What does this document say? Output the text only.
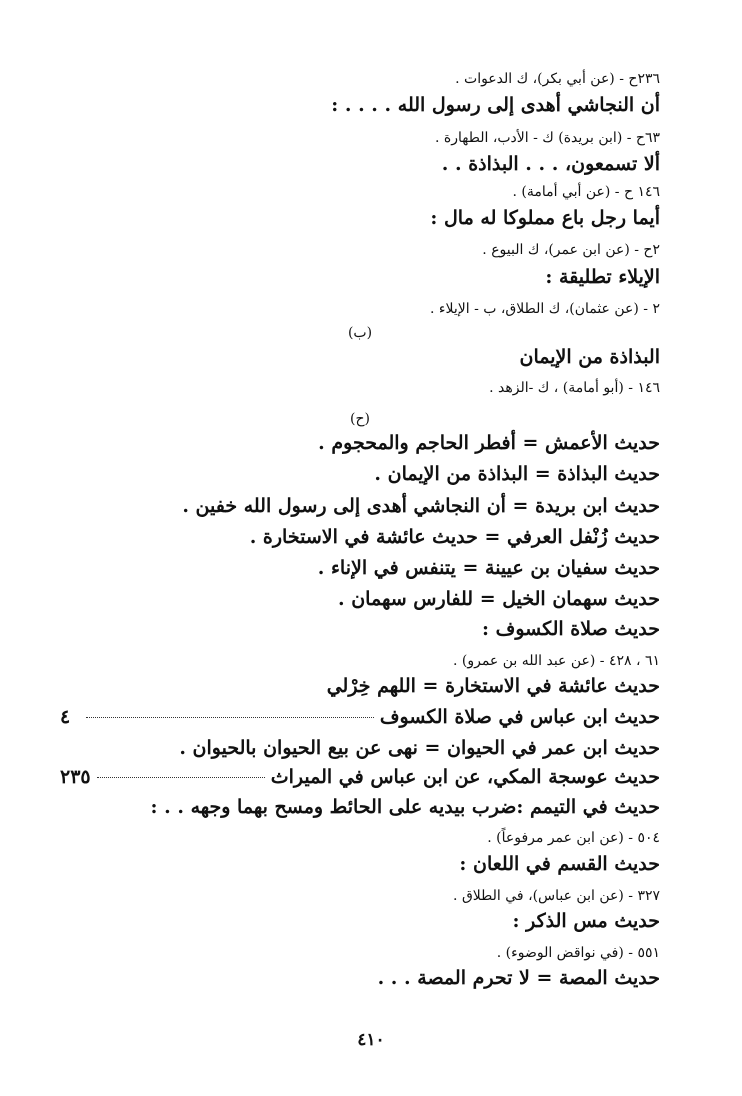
٢٣٦ح - (عن أبي بكر)، ك الدعوات .
أن النجاشي أهدى إلى رسول الله . . . . :
٦٣ح - (ابن بريدة) ك - الأدب، الطهارة .
ألا تسمعون، . . . البذاذة . .
١٤٦ ح - (عن أبي أمامة) .
أيما رجل باع مملوكا له مال :
٢ح - (عن ابن عمر)، ك البيوع .
الإيلاء تطليقة :
٢ - (عن عثمان)، ك الطلاق، ب - الإيلاء .
(ب)
البذاذة من الإيمان
١٤٦ - (أبو أمامة) ، ك -الزهد .
(ح)
حديث الأعمش = أفطر الحاجم والمحجوم .
حديث البذاذة = البذاذة من الإيمان .
حديث ابن بريدة = أن النجاشي أهدى إلى رسول الله خفين .
حديث زُنْفل العرفي = حديث عائشة في الاستخارة .
حديث سفيان بن عيينة = يتنفس في الإناء .
حديث سهمان الخيل = للفارس سهمان .
حديث صلاة الكسوف :
٦١ ، ٤٢٨ - (عن عبد الله بن عمرو) .
حديث عائشة في الاستخارة = اللهم خِرْلي
حديث ابن عباس في صلاة الكسوف
٤
حديث ابن عمر في الحيوان = نهى عن بيع الحيوان بالحيوان .
حديث عوسجة المكي، عن ابن عباس في الميراث
٢٣٥
حديث في التيمم :ضرب بيديه على الحائط ومسح بهما وجهه . . :
٥٠٤ - (عن ابن عمر مرفوعاً) .
حديث القسم في اللعان :
٣٢٧ - (عن ابن عباس)، في الطلاق .
حديث مس الذكر :
٥٥١ - (في نواقض الوضوء) .
حديث المصة = لا تحرم المصة . . .
٤١٠
